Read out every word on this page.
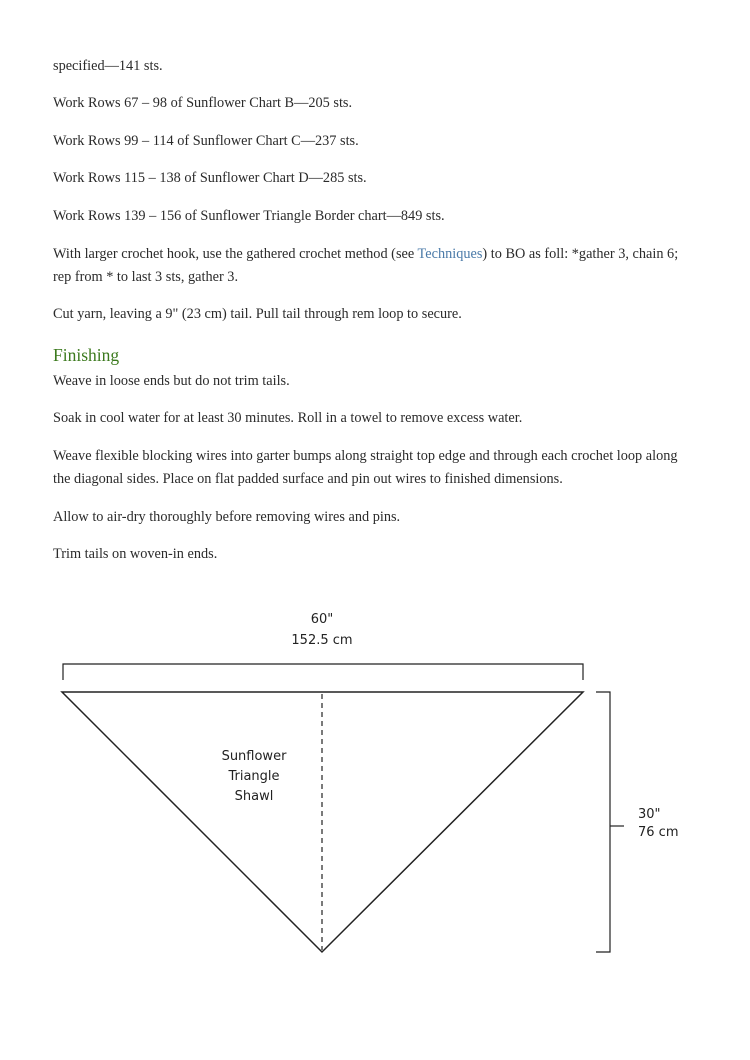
specified—141 sts.

Work Rows 67 – 98 of Sunflower Chart B—205 sts.

Work Rows 99 – 114 of Sunflower Chart C—237 sts.

Work Rows 115 – 138 of Sunflower Chart D—285 sts.

Work Rows 139 – 156 of Sunflower Triangle Border chart—849 sts.

With larger crochet hook, use the gathered crochet method (see Techniques) to BO as foll: *gather 3, chain 6; rep from * to last 3 sts, gather 3.

Cut yarn, leaving a 9" (23 cm) tail. Pull tail through rem loop to secure.

Finishing

Weave in loose ends but do not trim tails.

Soak in cool water for at least 30 minutes. Roll in a towel to remove excess water.

Weave flexible blocking wires into garter bumps along straight top edge and through each crochet loop along the diagonal sides. Place on flat padded surface and pin out wires to finished dimensions.

Allow to air-dry thoroughly before removing wires and pins.

Trim tails on woven-in ends.

60"
152.5 cm
Sunflower
Triangle
Shawl
30"
76 cm
